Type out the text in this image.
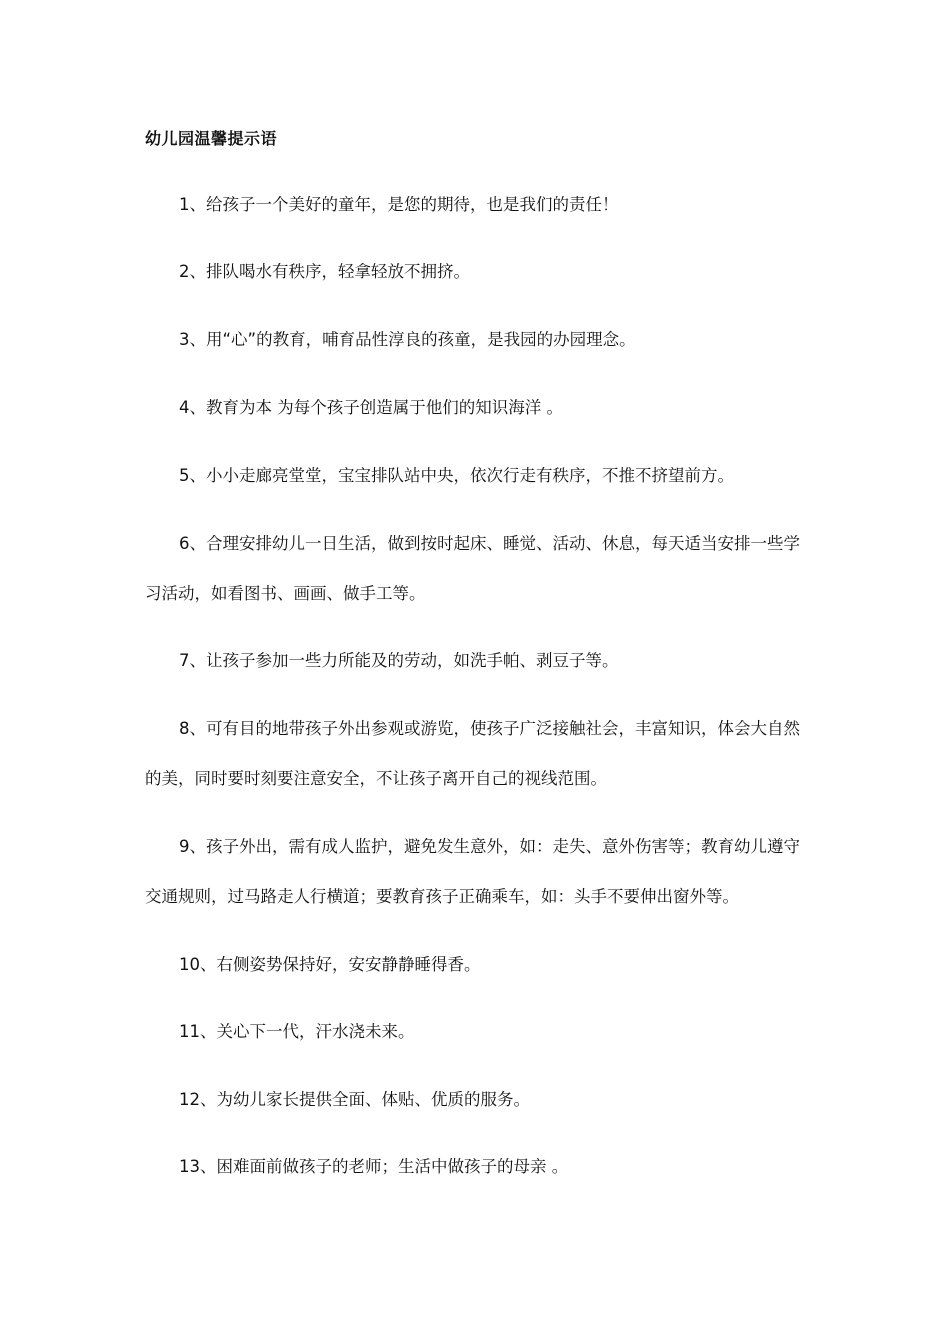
幼儿园温馨提示语

1、给孩子一个美好的童年，是您的期待，也是我们的责任！

2、排队喝水有秩序，轻拿轻放不拥挤。

3、用“心”的教育，哺育品性淳良的孩童，是我园的办园理念。

4、教育为本 为每个孩子创造属于他们的知识海洋 。

5、小小走廊亮堂堂，宝宝排队站中央，依次行走有秩序，不推不挤望前方。

6、合理安排幼儿一日生活，做到按时起床、睡觉、活动、休息，每天适当安排一些学习活动，如看图书、画画、做手工等。

7、让孩子参加一些力所能及的劳动，如洗手帕、剥豆子等。

8、可有目的地带孩子外出参观或游览，使孩子广泛接触社会，丰富知识，体会大自然的美，同时要时刻要注意安全，不让孩子离开自己的视线范围。

9、孩子外出，需有成人监护，避免发生意外，如：走失、意外伤害等；教育幼儿遵守交通规则，过马路走人行横道；要教育孩子正确乘车，如：头手不要伸出窗外等。

10、右侧姿势保持好，安安静静睡得香。

11、关心下一代，汗水浇未来。

12、为幼儿家长提供全面、体贴、优质的服务。

13、困难面前做孩子的老师；生活中做孩子的母亲 。
